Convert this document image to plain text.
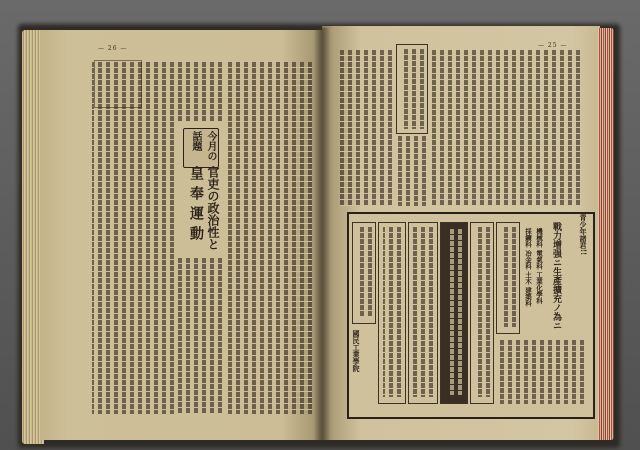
— 26 —
今月の話題
官吏の政治性と
皇奉運動
— 25 —
青少年諸君!!
戰力增强ニ生產擴充ノ為ニ
機械科 電氣科 工業化學科
採鑛科 冶金科 土木 建築科
國民工業學院
